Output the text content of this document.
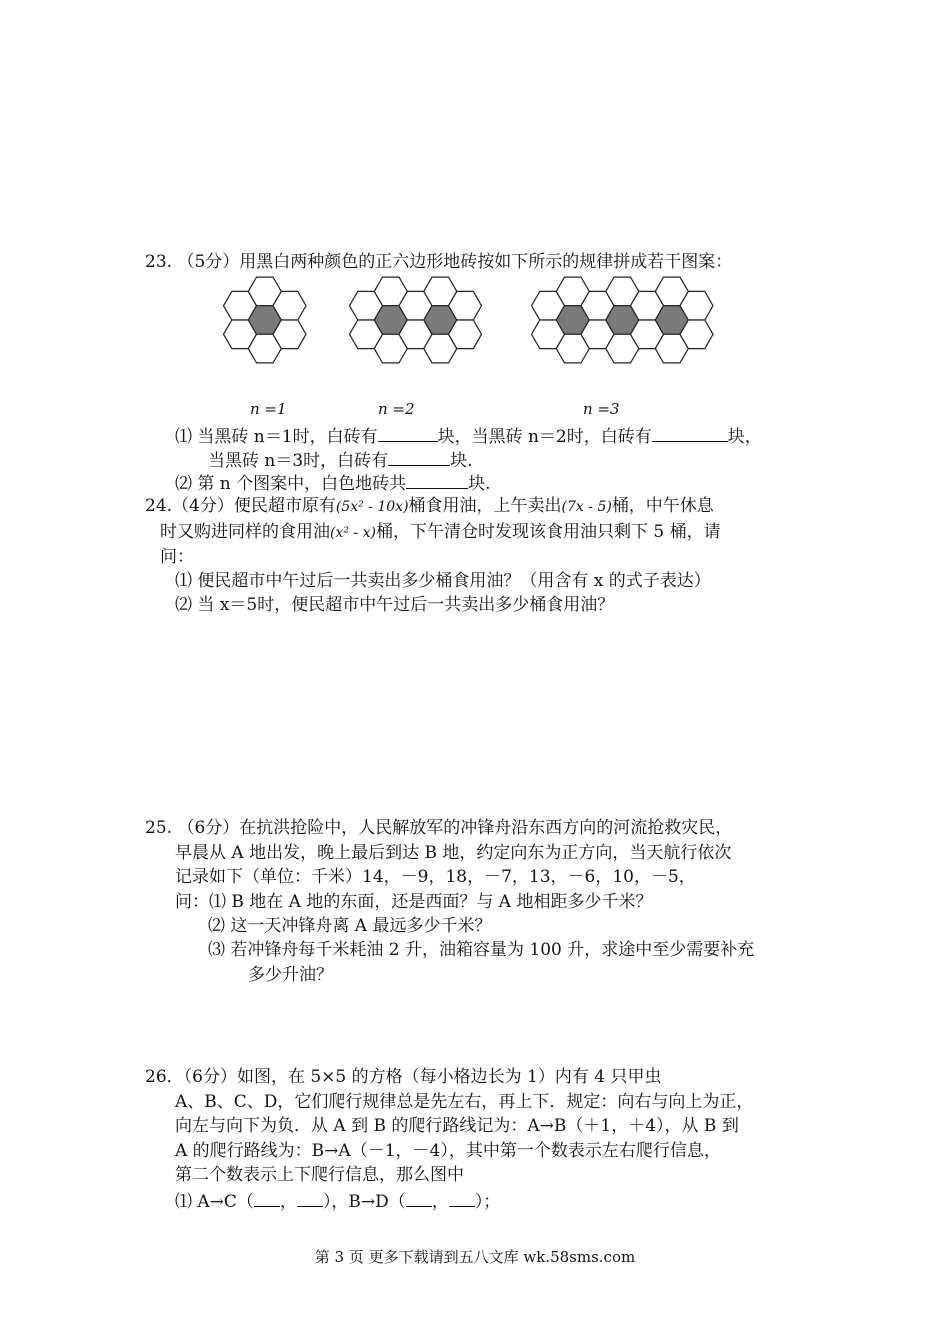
23. （5分）用黑白两种颜色的正六边形地砖按如下所示的规律拼成若干图案：
n =1	n =2	n =3
⑴ 当黑砖 n＝1时，白砖有	块，当黑砖 n＝2时，白砖有	块，
当黑砖 n＝3时，白砖有	块.
⑵ 第 n 个图案中，白色地砖共	块.
24.（4分）便民超市原有(5x² - 10x)桶食用油，上午卖出(7x - 5)桶，中午休息
时又购进同样的食用油(x² - x)桶，下午清仓时发现该食用油只剩下 5 桶，请
问：
⑴ 便民超市中午过后一共卖出多少桶食用油？（用含有 x 的式子表达）
⑵ 当 x＝5时，便民超市中午过后一共卖出多少桶食用油？
25. （6分）在抗洪抢险中，人民解放军的冲锋舟沿东西方向的河流抢救灾民，
早晨从 A 地出发，晚上最后到达 B 地，约定向东为正方向，当天航行依次
记录如下（单位：千米）14，－9，18，－7，13，－6，10，－5，
问：⑴ B 地在 A 地的东面，还是西面？与 A 地相距多少千米？
⑵ 这一天冲锋舟离 A 最远多少千米？
⑶ 若冲锋舟每千米耗油 2 升，油箱容量为 100 升，求途中至少需要补充
多少升油？
26．（6分）如图，在 5×5 的方格（每小格边长为 1）内有 4 只甲虫
A、B、C、D，它们爬行规律总是先左右，再上下．规定：向右与向上为正，
向左与向下为负．从 A 到 B 的爬行路线记为：A→B（＋1，＋4），从 B 到
A 的爬行路线为：B→A（－1，－4），其中第一个数表示左右爬行信息，
第二个数表示上下爬行信息，那么图中
⑴ A→C（ ， ），B→D（ ， ）；
第 3 页 更多下载请到五八文库 wk.58sms.com
